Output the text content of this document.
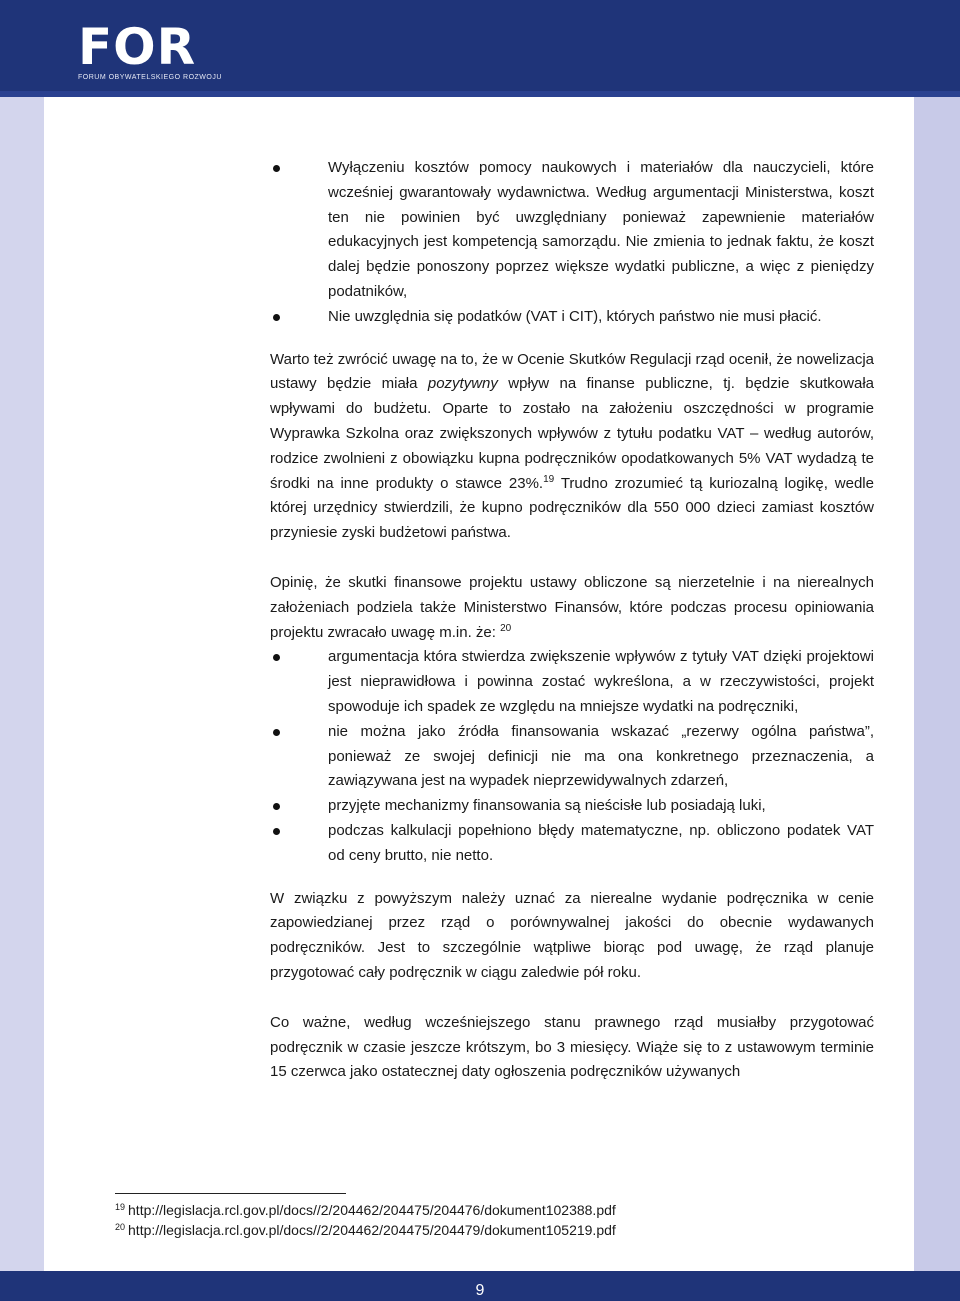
FOR
FORUM OBYWATELSKIEGO ROZWOJU
Wyłączeniu kosztów pomocy naukowych i materiałów dla nauczycieli, które wcześniej gwarantowały wydawnictwa. Według argumentacji Ministerstwa, koszt ten nie powinien być uwzględniany ponieważ zapewnienie materiałów edukacyjnych jest kompetencją samorządu. Nie zmienia to jednak faktu, że koszt dalej będzie ponoszony poprzez większe wydatki publiczne, a więc z pieniędzy podatników,
Nie uwzględnia się podatków (VAT i CIT), których państwo nie musi płacić.

Warto też zwrócić uwagę na to, że w Ocenie Skutków Regulacji rząd ocenił, że nowelizacja ustawy będzie miała pozytywny wpływ na finanse publiczne, tj. będzie skutkowała wpływami do budżetu. Oparte to zostało na założeniu oszczędności w programie Wyprawka Szkolna oraz zwiększonych wpływów z tytułu podatku VAT – według autorów, rodzice zwolnieni z obowiązku kupna podręczników opodatkowanych 5% VAT wydadzą te środki na inne produkty o stawce 23%.$^{19}$ Trudno zrozumieć tą kuriozalną logikę, wedle której urzędnicy stwierdzili, że kupno podręczników dla 550 000 dzieci zamiast kosztów przyniesie zyski budżetowi państwa.

Opinię, że skutki finansowe projektu ustawy obliczone są nierzetelnie i na nierealnych założeniach podziela także Ministerstwo Finansów, które podczas procesu opiniowania projektu zwracało uwagę m.in. że: $^{20}$

argumentacja która stwierdza zwiększenie wpływów z tytuły VAT dzięki projektowi jest nieprawidłowa i powinna zostać wykreślona, a w rzeczywistości, projekt spowoduje ich spadek ze względu na mniejsze wydatki na podręczniki,
nie można jako źródła finansowania wskazać „rezerwy ogólna państwa”, ponieważ ze swojej definicji nie ma ona konkretnego przeznaczenia, a zawiązywana jest na wypadek nieprzewidywalnych zdarzeń,
przyjęte mechanizmy finansowania są nieścisłe lub posiadają luki,
podczas kalkulacji popełniono błędy matematyczne, np. obliczono podatek VAT od ceny brutto, nie netto.

W związku z powyższym należy uznać za nierealne wydanie podręcznika w cenie zapowiedzianej przez rząd o porównywalnej jakości do obecnie wydawanych podręczników. Jest to szczególnie wątpliwe biorąc pod uwagę, że rząd planuje przygotować cały podręcznik w ciągu zaledwie pół roku.

Co ważne, według wcześniejszego stanu prawnego rząd musiałby przygotować podręcznik w czasie jeszcze krótszym, bo 3 miesięcy. Wiąże się to z ustawowym terminie 15 czerwca jako ostatecznej daty ogłoszenia podręczników używanych

$^{19}$ http://legislacja.rcl.gov.pl/docs//2/204462/204475/204476/dokument102388.pdf
$^{20}$ http://legislacja.rcl.gov.pl/docs//2/204462/204475/204479/dokument105219.pdf
9
